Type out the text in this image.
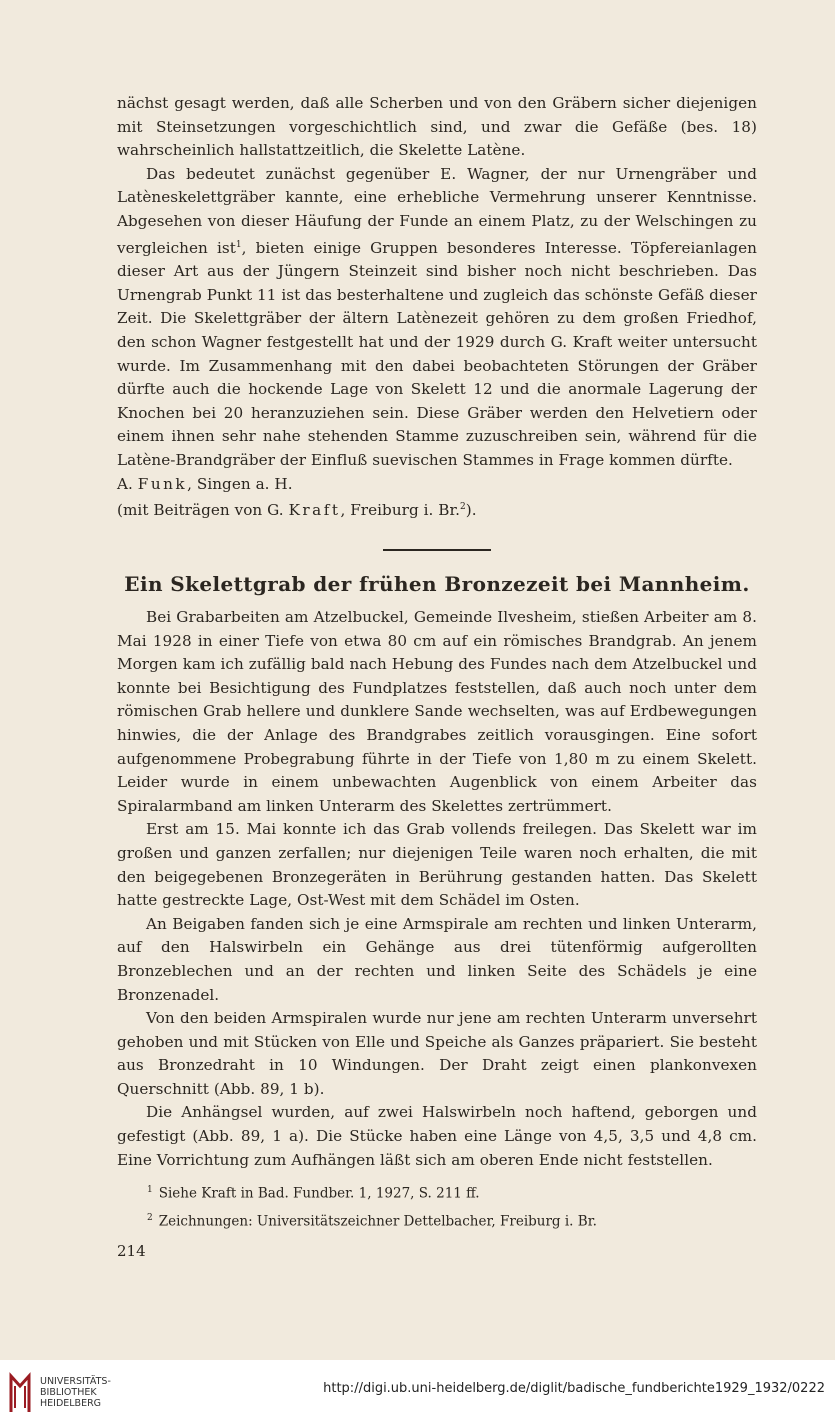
nächst gesagt werden, daß alle Scherben und von den Gräbern sicher diejenigen mit Steinsetzungen vorgeschichtlich sind, und zwar die Gefäße (bes. 18) wahrscheinlich hallstattzeitlich, die Skelette Latène.

Das bedeutet zunächst gegenüber E. Wagner, der nur Urnengräber und Latèneskelettgräber kannte, eine erhebliche Vermehrung unserer Kenntnisse. Abgesehen von dieser Häufung der Funde an einem Platz, zu der Welschingen zu vergleichen ist$^1$, bieten einige Gruppen besonderes Interesse. Töpfereianlagen dieser Art aus der Jüngern Steinzeit sind bisher noch nicht beschrieben. Das Urnengrab Punkt 11 ist das besterhaltene und zugleich das schönste Gefäß dieser Zeit. Die Skelettgräber der ältern Latènezeit gehören zu dem großen Friedhof, den schon Wagner festgestellt hat und der 1929 durch G. Kraft weiter untersucht wurde. Im Zusammenhang mit den dabei beobachteten Störungen der Gräber dürfte auch die hockende Lage von Skelett 12 und die anormale Lagerung der Knochen bei 20 heranzuziehen sein. Diese Gräber werden den Helvetiern oder einem ihnen sehr nahe stehenden Stamme zuzuschreiben sein, während für die Latène-Brandgräber der Einfluß suevischen Stammes in Frage kommen dürfte.

A. Funk, Singen a. H.

(mit Beiträgen von G. Kraft, Freiburg i. Br.$^2$).

Ein Skelettgrab der frühen Bronzezeit bei Mannheim.

Bei Grabarbeiten am Atzelbuckel, Gemeinde Ilvesheim, stießen Arbeiter am 8. Mai 1928 in einer Tiefe von etwa 80 cm auf ein römisches Brandgrab. An jenem Morgen kam ich zufällig bald nach Hebung des Fundes nach dem Atzelbuckel und konnte bei Besichtigung des Fundplatzes feststellen, daß auch noch unter dem römischen Grab hellere und dunklere Sande wechselten, was auf Erdbewegungen hinwies, die der Anlage des Brandgrabes zeitlich vorausgingen. Eine sofort aufgenommene Probegrabung führte in der Tiefe von 1,80 m zu einem Skelett. Leider wurde in einem unbewachten Augenblick von einem Arbeiter das Spiralarmband am linken Unterarm des Skelettes zertrümmert.

Erst am 15. Mai konnte ich das Grab vollends freilegen. Das Skelett war im großen und ganzen zerfallen; nur diejenigen Teile waren noch erhalten, die mit den beigegebenen Bronzegeräten in Berührung gestanden hatten. Das Skelett hatte gestreckte Lage, Ost-West mit dem Schädel im Osten.

An Beigaben fanden sich je eine Armspirale am rechten und linken Unterarm, auf den Halswirbeln ein Gehänge aus drei tütenförmig aufgerollten Bronzeblechen und an der rechten und linken Seite des Schädels je eine Bronzenadel.

Von den beiden Armspiralen wurde nur jene am rechten Unterarm unversehrt gehoben und mit Stücken von Elle und Speiche als Ganzes präpariert. Sie besteht aus Bronzedraht in 10 Windungen. Der Draht zeigt einen plankonvexen Querschnitt (Abb. 89, 1 b).

Die Anhängsel wurden, auf zwei Halswirbeln noch haftend, geborgen und gefestigt (Abb. 89, 1 a). Die Stücke haben eine Länge von 4,5, 3,5 und 4,8 cm. Eine Vorrichtung zum Aufhängen läßt sich am oberen Ende nicht feststellen.

$^1$ Siehe Kraft in Bad. Fundber. 1, 1927, S. 211 ff.

$^2$ Zeichnungen: Universitätszeichner Dettelbacher, Freiburg i. Br.

214
UNIVERSITÄTS-
BIBLIOTHEK
HEIDELBERG
http://digi.ub.uni-heidelberg.de/diglit/badische_fundberichte1929_1932/0222
